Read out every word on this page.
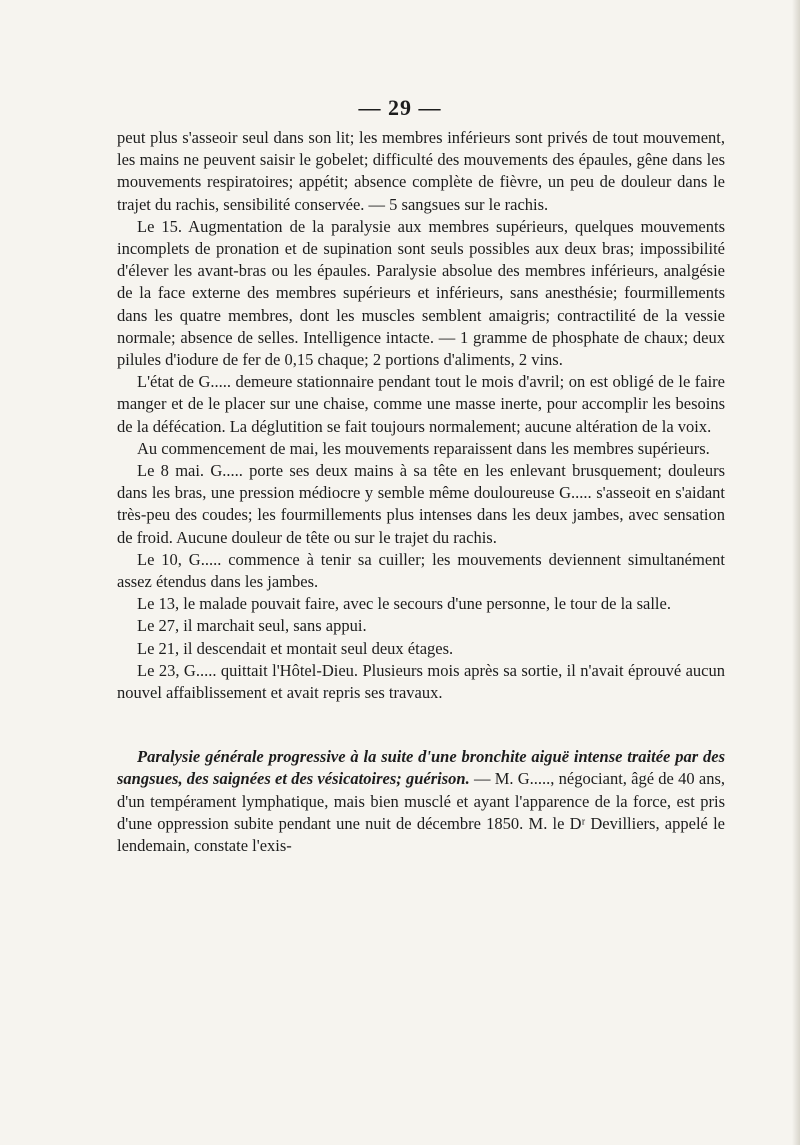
— 29 —

peut plus s'asseoir seul dans son lit; les membres inférieurs sont privés de tout mouvement, les mains ne peuvent saisir le gobelet; difficulté des mouvements des épaules, gêne dans les mouvements respiratoires; appétit; absence complète de fièvre, un peu de douleur dans le trajet du rachis, sensibilité conservée. — 5 sangsues sur le rachis.

Le 15. Augmentation de la paralysie aux membres supérieurs, quelques mouvements incomplets de pronation et de supination sont seuls possibles aux deux bras; impossibilité d'élever les avant-bras ou les épaules. Paralysie absolue des membres inférieurs, analgésie de la face externe des membres supérieurs et inférieurs, sans anesthésie; fourmillements dans les quatre membres, dont les muscles semblent amaigris; contractilité de la vessie normale; absence de selles. Intelligence intacte. — 1 gramme de phosphate de chaux; deux pilules d'iodure de fer de 0,15 chaque; 2 portions d'aliments, 2 vins.

L'état de G..... demeure stationnaire pendant tout le mois d'avril; on est obligé de le faire manger et de le placer sur une chaise, comme une masse inerte, pour accomplir les besoins de la défécation. La déglutition se fait toujours normalement; aucune altération de la voix.

Au commencement de mai, les mouvements reparaissent dans les membres supérieurs.

Le 8 mai. G..... porte ses deux mains à sa tête en les enlevant brusquement; douleurs dans les bras, une pression médiocre y semble même douloureuse G..... s'asseoit en s'aidant très-peu des coudes; les fourmillements plus intenses dans les deux jambes, avec sensation de froid. Aucune douleur de tête ou sur le trajet du rachis.

Le 10, G..... commence à tenir sa cuiller; les mouvements deviennent simultanément assez étendus dans les jambes.

Le 13, le malade pouvait faire, avec le secours d'une personne, le tour de la salle.

Le 27, il marchait seul, sans appui.

Le 21, il descendait et montait seul deux étages.

Le 23, G..... quittait l'Hôtel-Dieu. Plusieurs mois après sa sortie, il n'avait éprouvé aucun nouvel affaiblissement et avait repris ses travaux.

Paralysie générale progressive à la suite d'une bronchite aiguë intense traitée par des sangsues, des saignées et des vésicatoires; guérison. — M. G....., négociant, âgé de 40 ans, d'un tempérament lymphatique, mais bien musclé et ayant l'apparence de la force, est pris d'une oppression subite pendant une nuit de décembre 1850. M. le Dʳ Devilliers, appelé le lendemain, constate l'exis-
